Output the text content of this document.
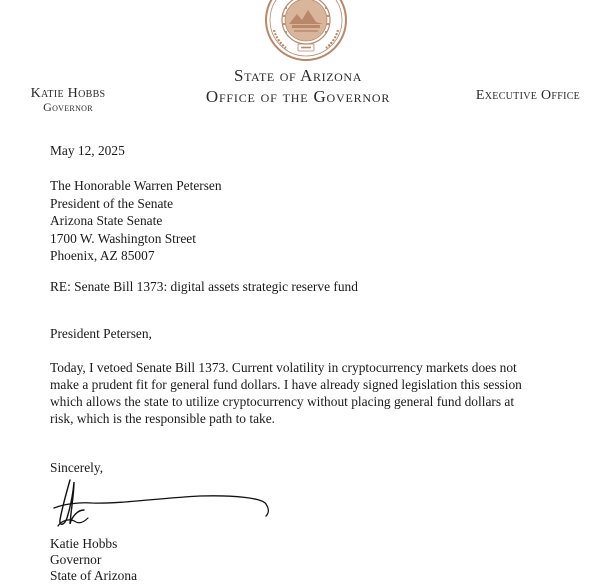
Katie Hobbs
Governor
State of Arizona
Office of the Governor	Executive Office
May 12, 2025
The Honorable Warren Petersen
President of the Senate
Arizona State Senate
1700 W. Washington Street
Phoenix, AZ 85007
RE: Senate Bill 1373: digital assets strategic reserve fund
President Petersen,
Today, I vetoed Senate Bill 1373. Current volatility in cryptocurrency markets does not
make a prudent fit for general fund dollars. I have already signed legislation this session
which allows the state to utilize cryptocurrency without placing general fund dollars at
risk, which is the responsible path to take.
Sincerely,
Katie Hobbs
Governor
State of Arizona
